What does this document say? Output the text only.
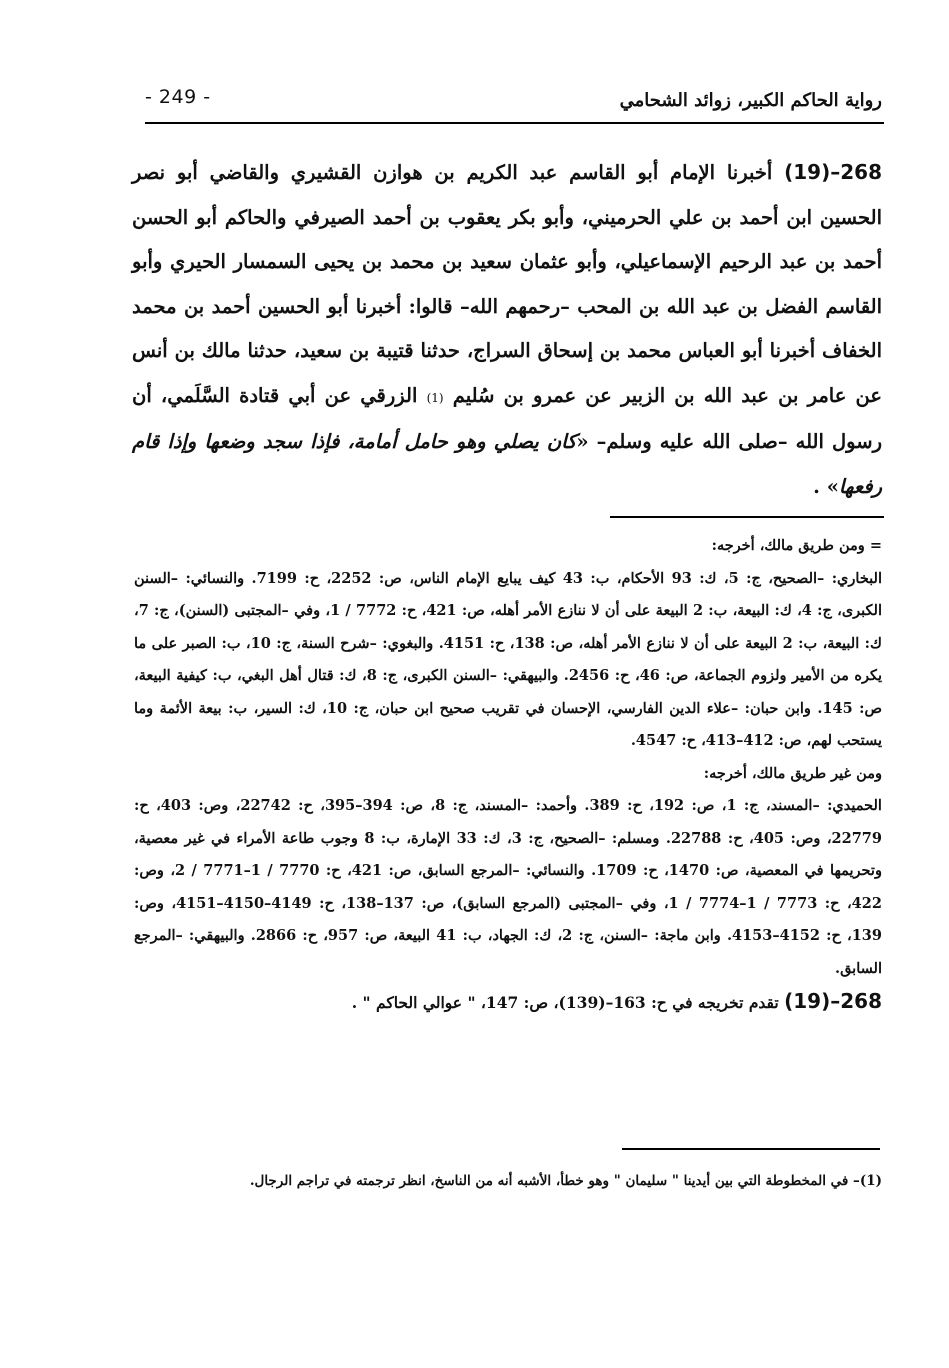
- 249 -	رواية الحاكم الكبير، زوائد الشحامي
268–(19) أخبرنا الإمام أبو القاسم عبد الكريم بن هوازن القشيري والقاضي أبو نصر الحسين ابن أحمد بن علي الحرميني، وأبو بكر يعقوب بن أحمد الصيرفي والحاكم أبو الحسن أحمد بن عبد الرحيم الإسماعيلي، وأبو عثمان سعيد بن محمد بن يحيى السمسار الحيري وأبو القاسم الفضل بن عبد الله بن المحب –رحمهم الله– قالوا: أخبرنا أبو الحسين أحمد بن محمد الخفاف أخبرنا أبو العباس محمد بن إسحاق السراج، حدثنا قتيبة بن سعيد، حدثنا مالك بن أنس عن عامر بن عبد الله بن الزبير عن عمرو بن سُليم (1) الزرقي عن أبي قتادة السَّلَمي، أن رسول الله –صلى الله عليه وسلم– «كان يصلي وهو حامل أمامة، فإذا سجد وضعها وإذا قام رفعها» .

= ومن طريق مالك، أخرجه:

البخاري: –الصحيح، ج: 5، ك: 93 الأحكام، ب: 43 كيف يبايع الإمام الناس، ص: 2252، ح: 7199. والنسائي: –السنن الكبرى، ج: 4، ك: البيعة، ب: 2 البيعة على أن لا ننازع الأمر أهله، ص: 421، ح: 7772 / 1، وفي –المجتبى (السنن)، ج: 7، ك: البيعة، ب: 2 البيعة على أن لا ننازع الأمر أهله، ص: 138، ح: 4151. والبغوي: –شرح السنة، ج: 10، ب: الصبر على ما يكره من الأمير ولزوم الجماعة، ص: 46، ح: 2456. والبيهقي: –السنن الكبرى، ج: 8، ك: قتال أهل البغي، ب: كيفية البيعة، ص: 145. وابن حبان: –علاء الدين الفارسي، الإحسان في تقريب صحيح ابن حبان، ج: 10، ك: السير، ب: بيعة الأئمة وما يستحب لهم، ص: 412–413، ح: 4547.

ومن غير طريق مالك، أخرجه:

الحميدي: –المسند، ج: 1، ص: 192، ح: 389. وأحمد: –المسند، ج: 8، ص: 394–395، ح: 22742، وص: 403، ح: 22779، وص: 405، ح: 22788. ومسلم: –الصحيح، ج: 3، ك: 33 الإمارة، ب: 8 وجوب طاعة الأمراء في غير معصية، وتحريمها في المعصية، ص: 1470، ح: 1709. والنسائي: –المرجع السابق، ص: 421، ح: 7770 / 1–7771 / 2، وص: 422، ح: 7773 / 1–7774 / 1، وفي –المجتبى (المرجع السابق)، ص: 137–138، ح: 4149–4150–4151، وص: 139، ح: 4152–4153. وابن ماجة: –السنن، ج: 2، ك: الجهاد، ب: 41 البيعة، ص: 957، ح: 2866. والبيهقي: –المرجع السابق.

268–(19) تقدم تخريجه في ح: 163–(139)، ص: 147، " عوالي الحاكم " .

(1)– في المخطوطة التي بين أيدينا " سليمان " وهو خطأ، الأشبه أنه من الناسخ، انظر ترجمته في تراجم الرجال.
